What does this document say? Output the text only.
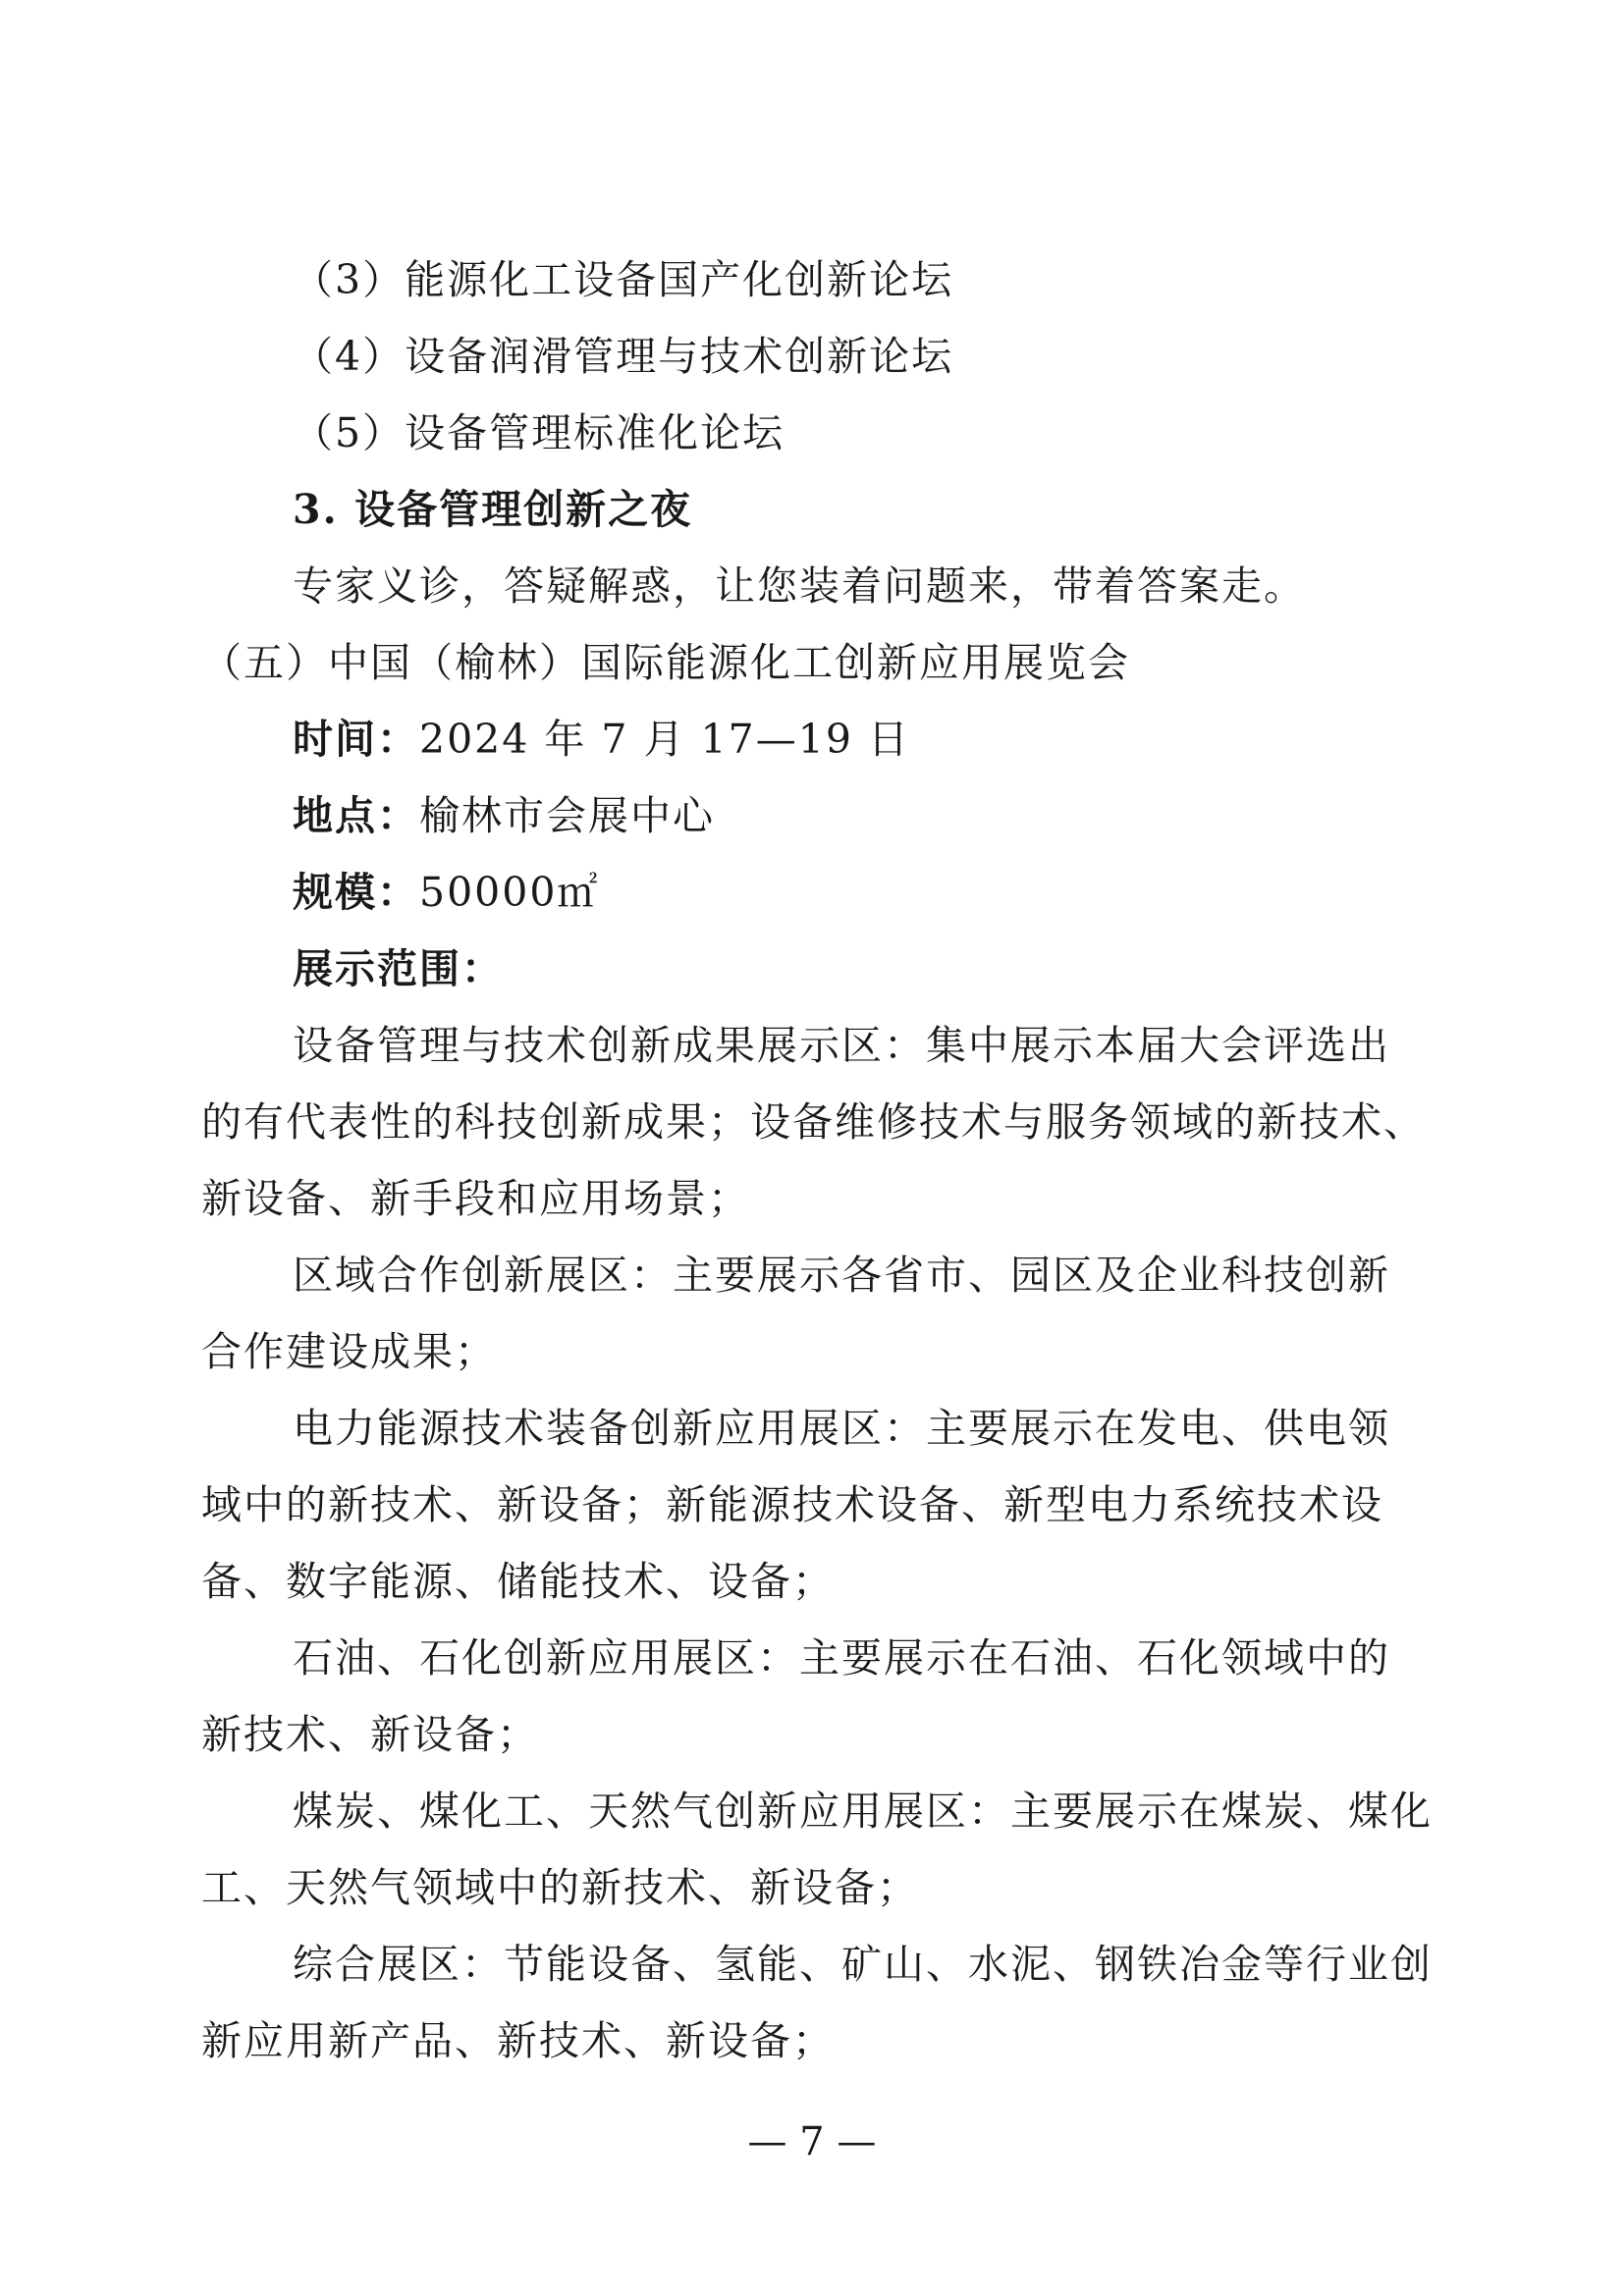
（3）能源化工设备国产化创新论坛
（4）设备润滑管理与技术创新论坛
（5）设备管理标准化论坛
3. 设备管理创新之夜
专家义诊，答疑解惑，让您装着问题来，带着答案走。
（五）中国（榆林）国际能源化工创新应用展览会
时间：2024 年 7 月 17—19 日
地点：榆林市会展中心
规模：50000㎡
展示范围：
设备管理与技术创新成果展示区：集中展示本届大会评选出
的有代表性的科技创新成果；设备维修技术与服务领域的新技术、
新设备、新手段和应用场景；
区域合作创新展区：主要展示各省市、园区及企业科技创新
合作建设成果；
电力能源技术装备创新应用展区：主要展示在发电、供电领
域中的新技术、新设备；新能源技术设备、新型电力系统技术设
备、数字能源、储能技术、设备；
石油、石化创新应用展区：主要展示在石油、石化领域中的
新技术、新设备；
煤炭、煤化工、天然气创新应用展区：主要展示在煤炭、煤化
工、天然气领域中的新技术、新设备；
综合展区：节能设备、氢能、矿山、水泥、钢铁冶金等行业创
新应用新产品、新技术、新设备；
— 7 —
